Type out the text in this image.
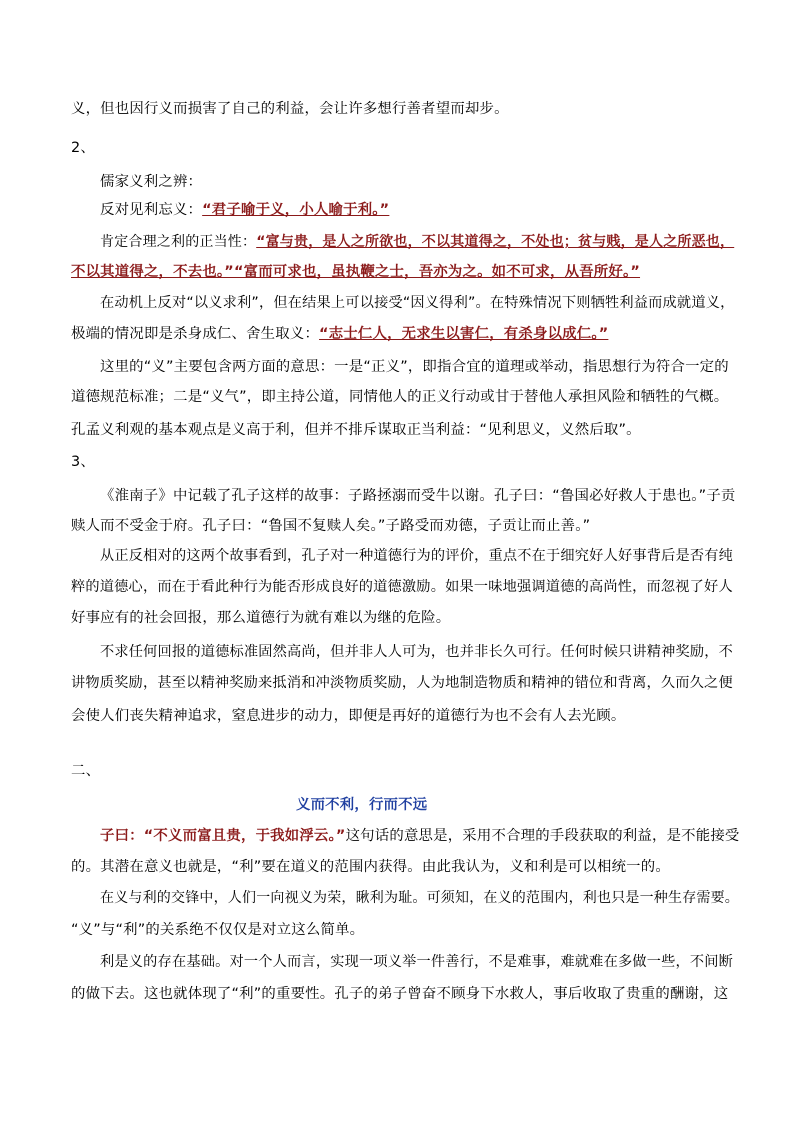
义，但也因行义而损害了自己的利益，会让许多想行善者望而却步。
2、
儒家义利之辨：
反对见利忘义：“君子喻于义，小人喻于利。”
肯定合理之利的正当性：“富与贵，是人之所欲也，不以其道得之，不处也；贫与贱，是人之所恶也，
不以其道得之，不去也。”“富而可求也，虽执鞭之士，吾亦为之。如不可求，从吾所好。”
在动机上反对“以义求利”，但在结果上可以接受“因义得利”。在特殊情况下则牺牲利益而成就道义，
极端的情况即是杀身成仁、舍生取义：“志士仁人，无求生以害仁，有杀身以成仁。”
这里的“义”主要包含两方面的意思：一是“正义”，即指合宜的道理或举动，指思想行为符合一定的
道德规范标准；二是“义气”，即主持公道，同情他人的正义行动或甘于替他人承担风险和牺牲的气概。
孔孟义利观的基本观点是义高于利，但并不排斥谋取正当利益：“见利思义，义然后取”。
3、
《淮南子》中记载了孔子这样的故事：子路拯溺而受牛以谢。孔子曰：“鲁国必好救人于患也。”子贡
赎人而不受金于府。孔子曰：“鲁国不复赎人矣。”子路受而劝德，子贡让而止善。”
从正反相对的这两个故事看到，孔子对一种道德行为的评价，重点不在于细究好人好事背后是否有纯
粹的道德心，而在于看此种行为能否形成良好的道德激励。如果一味地强调道德的高尚性，而忽视了好人
好事应有的社会回报，那么道德行为就有难以为继的危险。
不求任何回报的道德标准固然高尚，但并非人人可为，也并非长久可行。任何时候只讲精神奖励，不
讲物质奖励，甚至以精神奖励来抵消和冲淡物质奖励，人为地制造物质和精神的错位和背离，久而久之便
会使人们丧失精神追求，窒息进步的动力，即便是再好的道德行为也不会有人去光顾。
二、
义而不利，行而不远
子曰：“不义而富且贵，于我如浮云。”这句话的意思是，采用不合理的手段获取的利益，是不能接受
的。其潜在意义也就是，“利”要在道义的范围内获得。由此我认为，义和利是可以相统一的。
在义与利的交锋中，人们一向视义为荣，瞅利为耻。可须知，在义的范围内，利也只是一种生存需要。
“义”与“利”的关系绝不仅仅是对立这么简单。
利是义的存在基础。对一个人而言，实现一项义举一件善行，不是难事，难就难在多做一些，不间断
的做下去。这也就体现了“利”的重要性。孔子的弟子曾奋不顾身下水救人，事后收取了贵重的酬谢，这
